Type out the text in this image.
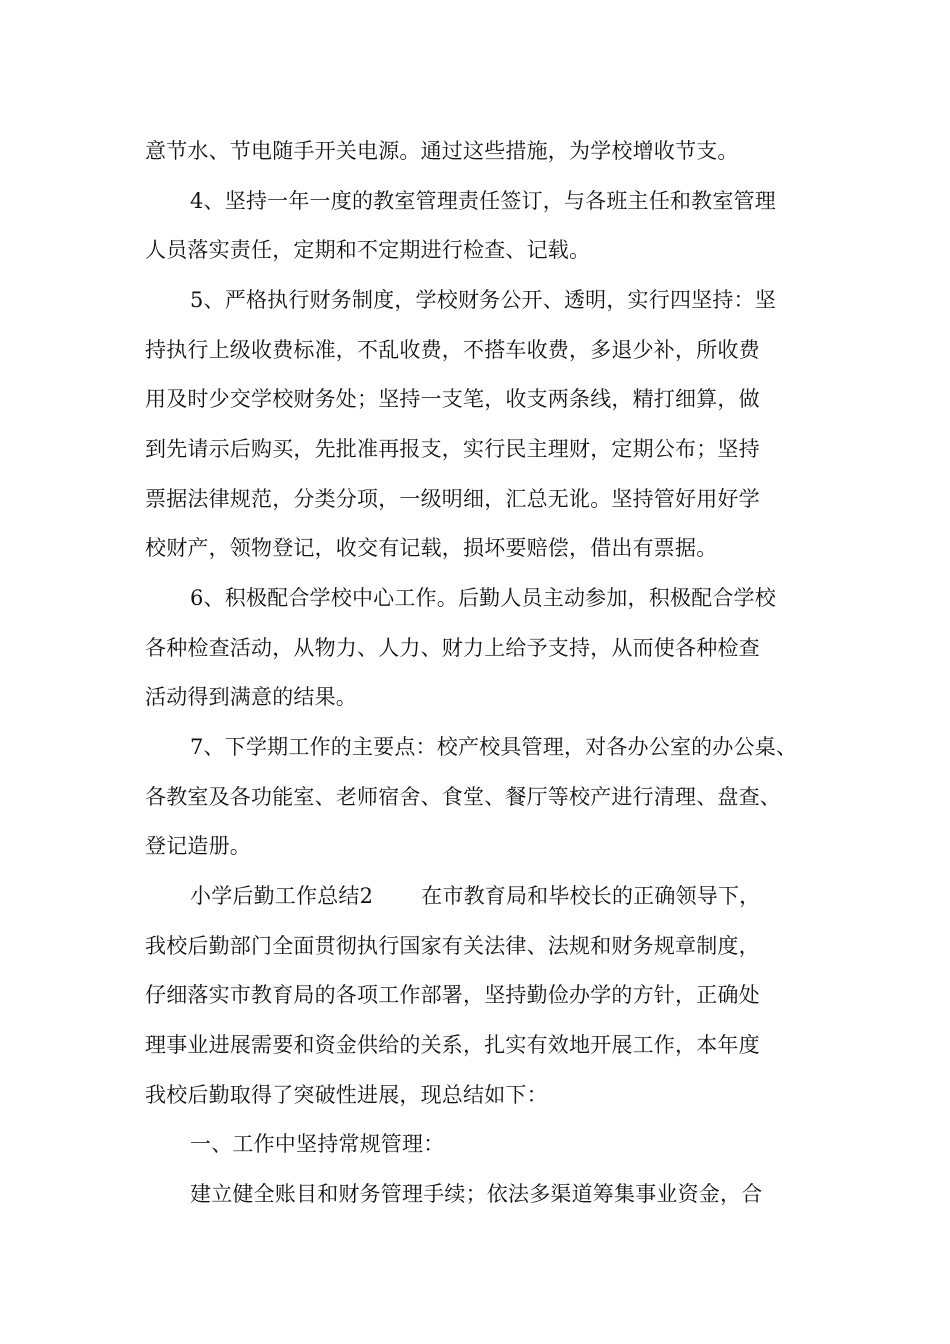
意节水、节电随手开关电源。通过这些措施，为学校增收节支。
4、坚持一年一度的教室管理责任签订，与各班主任和教室管理
人员落实责任，定期和不定期进行检查、记载。
5、严格执行财务制度，学校财务公开、透明，实行四坚持：坚
持执行上级收费标准，不乱收费，不搭车收费，多退少补，所收费
用及时少交学校财务处；坚持一支笔，收支两条线，精打细算，做
到先请示后购买，先批准再报支，实行民主理财，定期公布；坚持
票据法律规范，分类分项，一级明细，汇总无讹。坚持管好用好学
校财产，领物登记，收交有记载，损坏要赔偿，借出有票据。
6、积极配合学校中心工作。后勤人员主动参加，积极配合学校
各种检查活动，从物力、人力、财力上给予支持，从而使各种检查
活动得到满意的结果。
7、下学期工作的主要点：校产校具管理，对各办公室的办公桌、
各教室及各功能室、老师宿舍、食堂、餐厅等校产进行清理、盘查、
登记造册。
小学后勤工作总结2 在市教育局和毕校长的正确领导下，
我校后勤部门全面贯彻执行国家有关法律、法规和财务规章制度，
仔细落实市教育局的各项工作部署，坚持勤俭办学的方针，正确处
理事业进展需要和资金供给的关系，扎实有效地开展工作，本年度
我校后勤取得了突破性进展，现总结如下：
一、工作中坚持常规管理：
建立健全账目和财务管理手续；依法多渠道筹集事业资金，合
